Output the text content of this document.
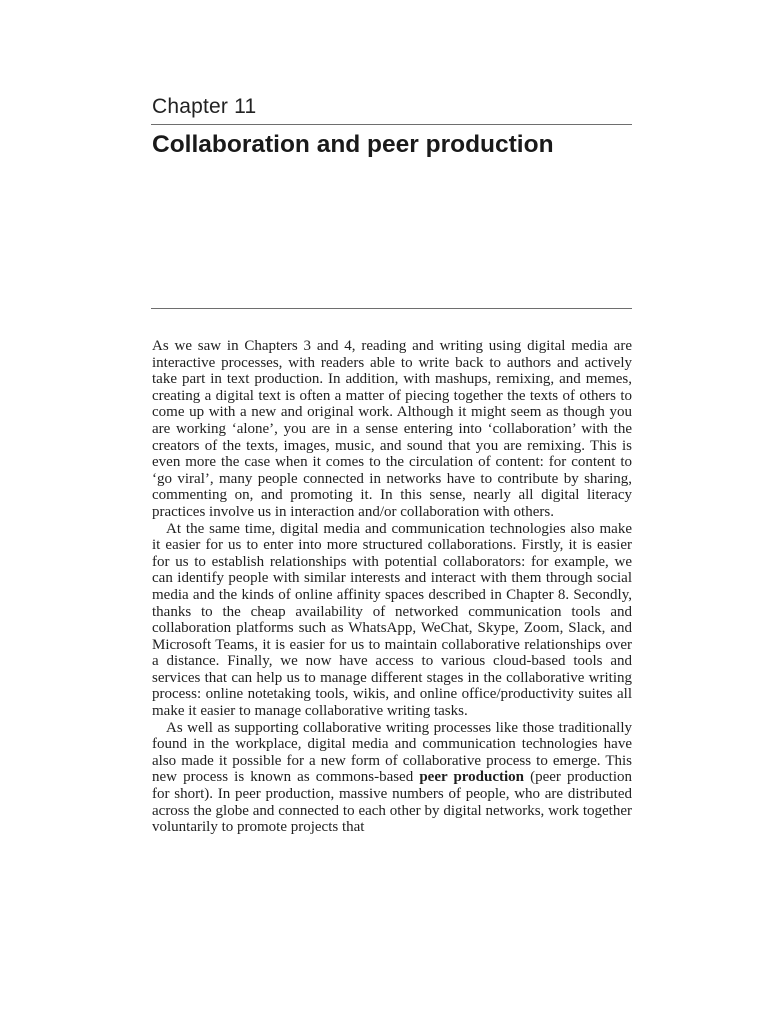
Chapter 11
Collaboration and peer production

As we saw in Chapters 3 and 4, reading and writing using digital media are interactive processes, with readers able to write back to authors and actively take part in text production. In addition, with mashups, remixing, and memes, creating a digital text is often a matter of piecing together the texts of others to come up with a new and original work. Although it might seem as though you are working ‘alone’, you are in a sense entering into ‘collaboration’ with the creators of the texts, images, music, and sound that you are remixing. This is even more the case when it comes to the circulation of content: for content to ‘go viral’, many people connected in networks have to contribute by sharing, commenting on, and promoting it. In this sense, nearly all digital literacy practices involve us in interaction and/or collaboration with others.

At the same time, digital media and communication technologies also make it easier for us to enter into more structured collaborations. Firstly, it is easier for us to establish relationships with potential collaborators: for example, we can identify people with similar interests and interact with them through social media and the kinds of online affinity spaces described in Chapter 8. Secondly, thanks to the cheap availability of networked communication tools and collaboration platforms such as WhatsApp, WeChat, Skype, Zoom, Slack, and Microsoft Teams, it is easier for us to maintain collaborative relationships over a distance. Finally, we now have access to various cloud-based tools and services that can help us to manage different stages in the collaborative writing process: online notetaking tools, wikis, and online office/productivity suites all make it easier to manage collaborative writing tasks.

As well as supporting collaborative writing processes like those traditionally found in the workplace, digital media and communication technologies have also made it possible for a new form of collaborative process to emerge. This new process is known as commons-based peer production (peer production for short). In peer production, massive numbers of people, who are distributed across the globe and connected to each other by digital networks, work together voluntarily to promote projects that
